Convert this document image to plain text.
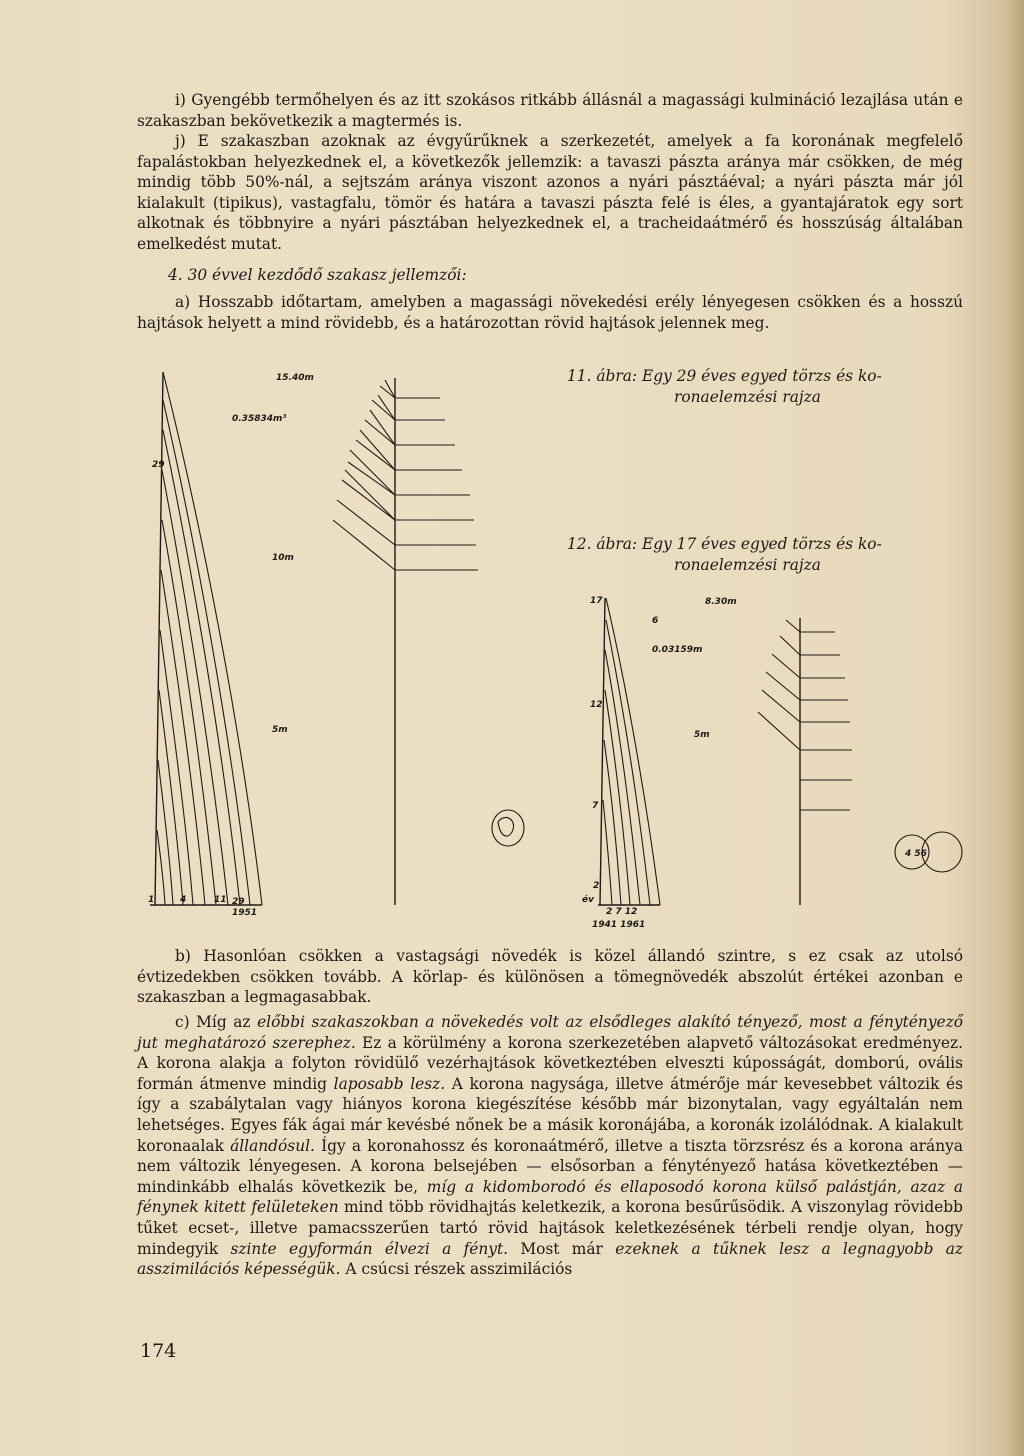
i) Gyengébb termőhelyen és az itt szokásos ritkább állásnál a magassági kulmináció lezajlása után e szakaszban bekövetkezik a magtermés is.
j) E szakaszban azoknak az évgyűrűknek a szerkezetét, amelyek a fa koronának megfelelő fapalástokban helyezkednek el, a következők jellemzik: a tavaszi pászta aránya már csökken, de még mindig több 50%-nál, a sejtszám aránya viszont azonos a nyári pásztáéval; a nyári pászta már jól kialakult (tipikus), vastagfalu, tömör és határa a tavaszi pászta felé is éles, a gyantajáratok egy sort alkotnak és többnyire a nyári pásztában helyezkednek el, a tracheidaátmérő és hosszúság általában emelkedést mutat.
4. 30 évvel kezdődő szakasz jellemzői:
a) Hosszabb időtartam, amelyben a magassági növekedési erély lényegesen csökken és a hosszú hajtások helyett a mind rövidebb, és a határozottan rövid hajtások jelennek meg.
11. ábra: Egy 29 éves egyed törzs és ko-
ronaelemzési rajza
12. ábra: Egy 17 éves egyed törzs és ko-
ronaelemzési rajza
15.40m
0.35834m³
29
10m
5m
1	4	11 29
1951
17	8.30m
6
0.03159m
12
5m
7
2
év
2 7 12
1941 1961
4 56
b) Hasonlóan csökken a vastagsági növedék is közel állandó szintre, s ez csak az utolsó évtizedekben csökken tovább. A körlap- és különösen a tömegnövedék abszolút értékei azonban e szakaszban a legmagasabbak.
c) Míg az előbbi szakaszokban a növekedés volt az elsődleges alakító tényező, most a fénytényező jut meghatározó szerephez. Ez a körülmény a korona szerkezetében alapvető változásokat eredményez. A korona alakja a folyton rövidülő vezérhajtások következtében elveszti kúposságát, domború, ovális formán átmenve mindig laposabb lesz. A korona nagysága, illetve átmérője már kevesebbet változik és így a szabálytalan vagy hiányos korona kiegészítése később már bizonytalan, vagy egyáltalán nem lehetséges. Egyes fák ágai már kevésbé nőnek be a másik koronájába, a koronák izolálódnak. A kialakult koronaalak állandósul. Így a koronahossz és koronaátmérő, illetve a tiszta törzsrész és a korona aránya nem változik lényegesen. A korona belsejében — elsősorban a fénytényező hatása következtében — mindinkább elhalás következik be, míg a kidomborodó és ellaposodó korona külső palástján, azaz a fénynek kitett felületeken mind több rövidhajtás keletkezik, a korona besűrűsödik. A viszonylag rövidebb tűket ecset-, illetve pamacsszerűen tartó rövid hajtások keletkezésének térbeli rendje olyan, hogy mindegyik szinte egyformán élvezi a fényt. Most már ezeknek a tűknek lesz a legnagyobb az asszimilációs képességük. A csúcsi részek asszimilációs
174
